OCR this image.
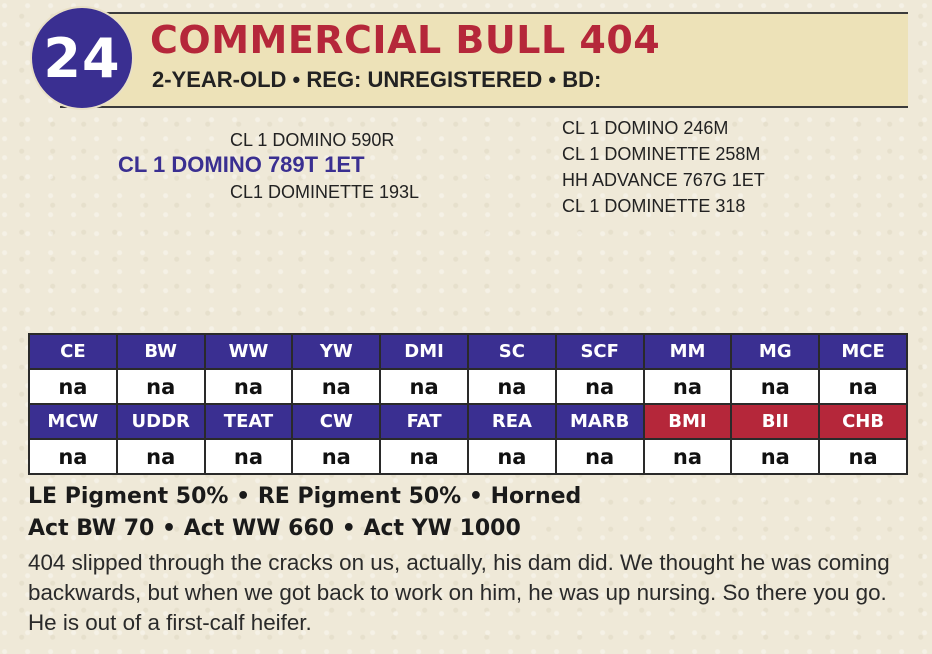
24 COMMERCIAL BULL 404
2-YEAR-OLD • REG: UNREGISTERED • BD:
CL 1 DOMINO 590R
CL 1 DOMINO 789T 1ET
CL1 DOMINETTE 193L
CL 1 DOMINO 246M
CL 1 DOMINETTE 258M
HH ADVANCE 767G 1ET
CL 1 DOMINETTE 318
CE	BW	WW	YW	DMI	SC	SCF	MM	MG	MCE
na	na	na	na	na	na	na	na	na	na
MCW	UDDR	TEAT	CW	FAT	REA	MARB	BMI	BII	CHB
na	na	na	na	na	na	na	na	na	na
LE Pigment 50% • RE Pigment 50% • Horned
Act BW 70 • Act WW 660 • Act YW 1000
404 slipped through the cracks on us, actually, his dam did. We thought he was coming backwards, but when we got back to work on him, he was up nursing. So there you go. He is out of a first-calf heifer.
